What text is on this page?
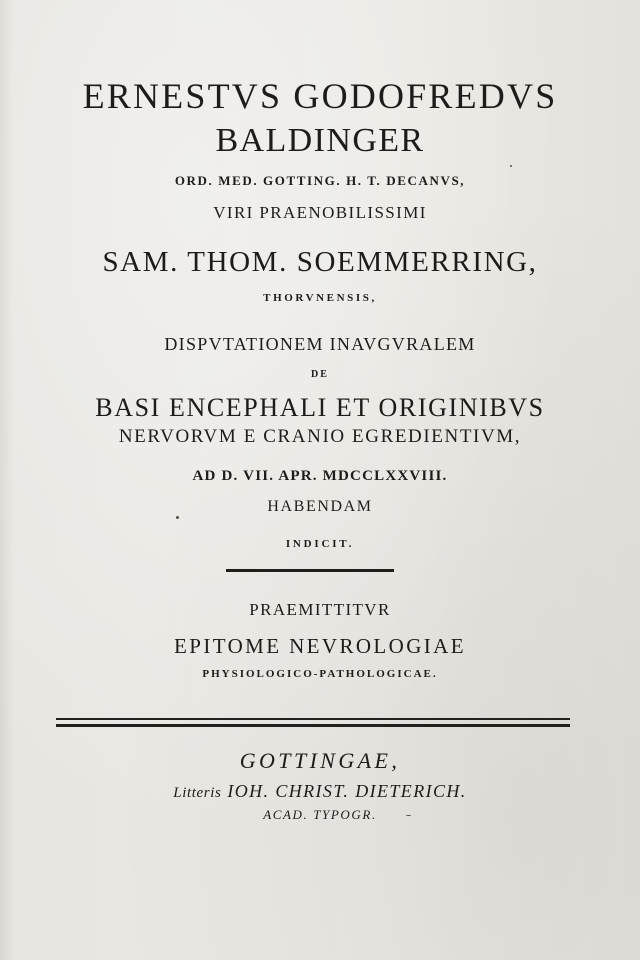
ERNESTVS GODOFREDVS
BALDINGER
ORD. MED. GOTTING. H. T. DECANVS,
VIRI PRAENOBILISSIMI
SAM. THOM. SOEMMERRING,
THORVNENSIS,
DISPVTATIONEM INAVGVRALEM
DE
BASI ENCEPHALI ET ORIGINIBVS
NERVORVM E CRANIO EGREDIENTIVM,
AD D. VII. APR. MDCCLXXVIII.
HABENDAM
INDICIT.
PRAEMITTITVR
EPITOME NEVROLOGIAE
PHYSIOLOGICO-PATHOLOGICAE.
GOTTINGAE,
Litteris IOH. CHRIST. DIETERICH.
ACAD. TYPOGR.
